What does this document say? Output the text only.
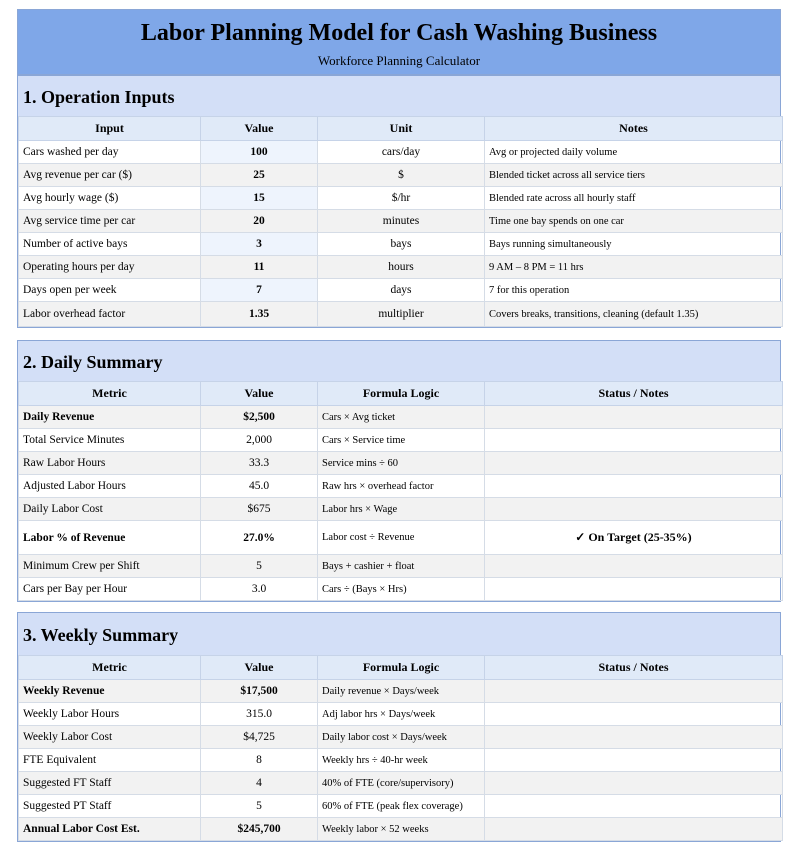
Labor Planning Model for Cash Washing Business
Workforce Planning Calculator
1. Operation Inputs
Input	Value	Unit	Notes
Cars washed per day	100	cars/day	Avg or projected daily volume
Avg revenue per car ($)	25	$	Blended ticket across all service tiers
Avg hourly wage ($)	15	$/hr	Blended rate across all hourly staff
Avg service time per car	20	minutes	Time one bay spends on one car
Number of active bays	3	bays	Bays running simultaneously
Operating hours per day	11	hours	9 AM – 8 PM = 11 hrs
Days open per week	7	days	7 for this operation
Labor overhead factor	1.35	multiplier	Covers breaks, transitions, cleaning (default 1.35)
2. Daily Summary
Metric	Value	Formula Logic	Status / Notes
Daily Revenue	$2,500	Cars × Avg ticket	
Total Service Minutes	2,000	Cars × Service time	
Raw Labor Hours	33.3	Service mins ÷ 60	
Adjusted Labor Hours	45.0	Raw hrs × overhead factor	
Daily Labor Cost	$675	Labor hrs × Wage	
Labor % of Revenue	27.0%	Labor cost ÷ Revenue	✓ On Target (25-35%)
Minimum Crew per Shift	5	Bays + cashier + float	
Cars per Bay per Hour	3.0	Cars ÷ (Bays × Hrs)	
3. Weekly Summary
Metric	Value	Formula Logic	Status / Notes
Weekly Revenue	$17,500	Daily revenue × Days/week	
Weekly Labor Hours	315.0	Adj labor hrs × Days/week	
Weekly Labor Cost	$4,725	Daily labor cost × Days/week	
FTE Equivalent	8	Weekly hrs ÷ 40-hr week	
Suggested FT Staff	4	40% of FTE (core/supervisory)	
Suggested PT Staff	5	60% of FTE (peak flex coverage)	
Annual Labor Cost Est.	$245,700	Weekly labor × 52 weeks	
